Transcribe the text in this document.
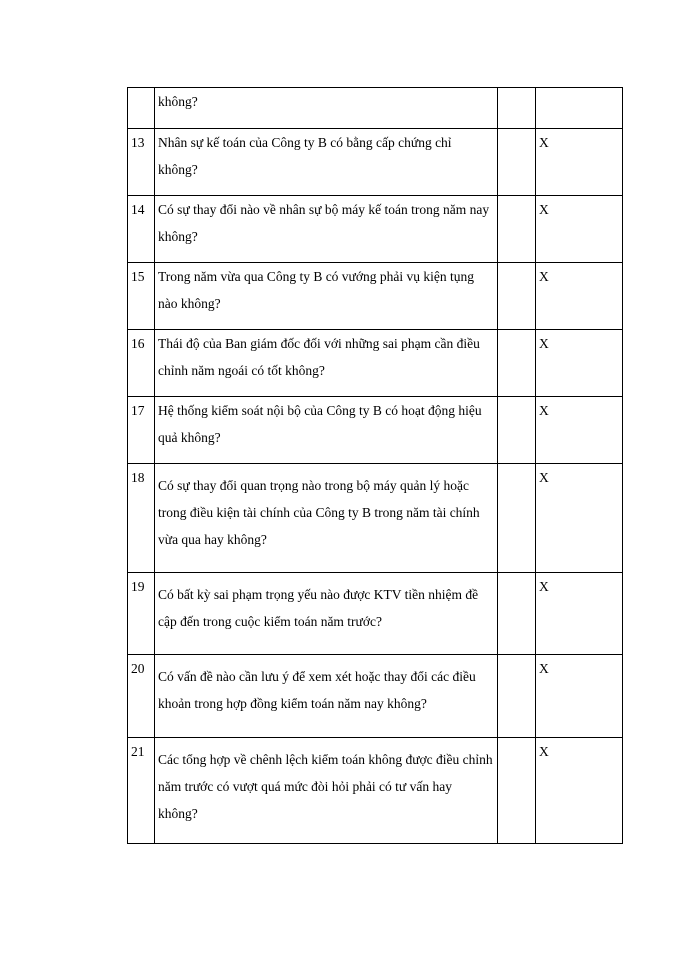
	không?		

13	Nhân sự kế toán của Công ty B có bằng cấp chứng chỉ không?		X
14	Có sự thay đổi nào về nhân sự bộ máy kế toán trong năm nay không?		X
15	Trong năm vừa qua Công ty B có vướng phải vụ kiện tụng nào không?		X
16	Thái độ của Ban giám đốc đối với những sai phạm cần điều chỉnh năm ngoái có tốt không?		X
17	Hệ thống kiểm soát nội bộ của Công ty B có hoạt động hiệu quả không?		X
18	Có sự thay đổi quan trọng nào trong bộ máy quản lý hoặc trong điều kiện tài chính của Công ty B trong năm tài chính vừa qua hay không?		X
19	Có bất kỳ sai phạm trọng yếu nào được KTV tiền nhiệm đề cập đến trong cuộc kiểm toán năm trước?		X
20	Có vấn đề nào cần lưu ý để xem xét hoặc thay đổi các điều khoản trong hợp đồng kiểm toán năm nay không?		X
21	Các tổng hợp về chênh lệch kiểm toán không được điều chỉnh năm trước có vượt quá mức đòi hỏi phải có tư vấn hay không?		X
